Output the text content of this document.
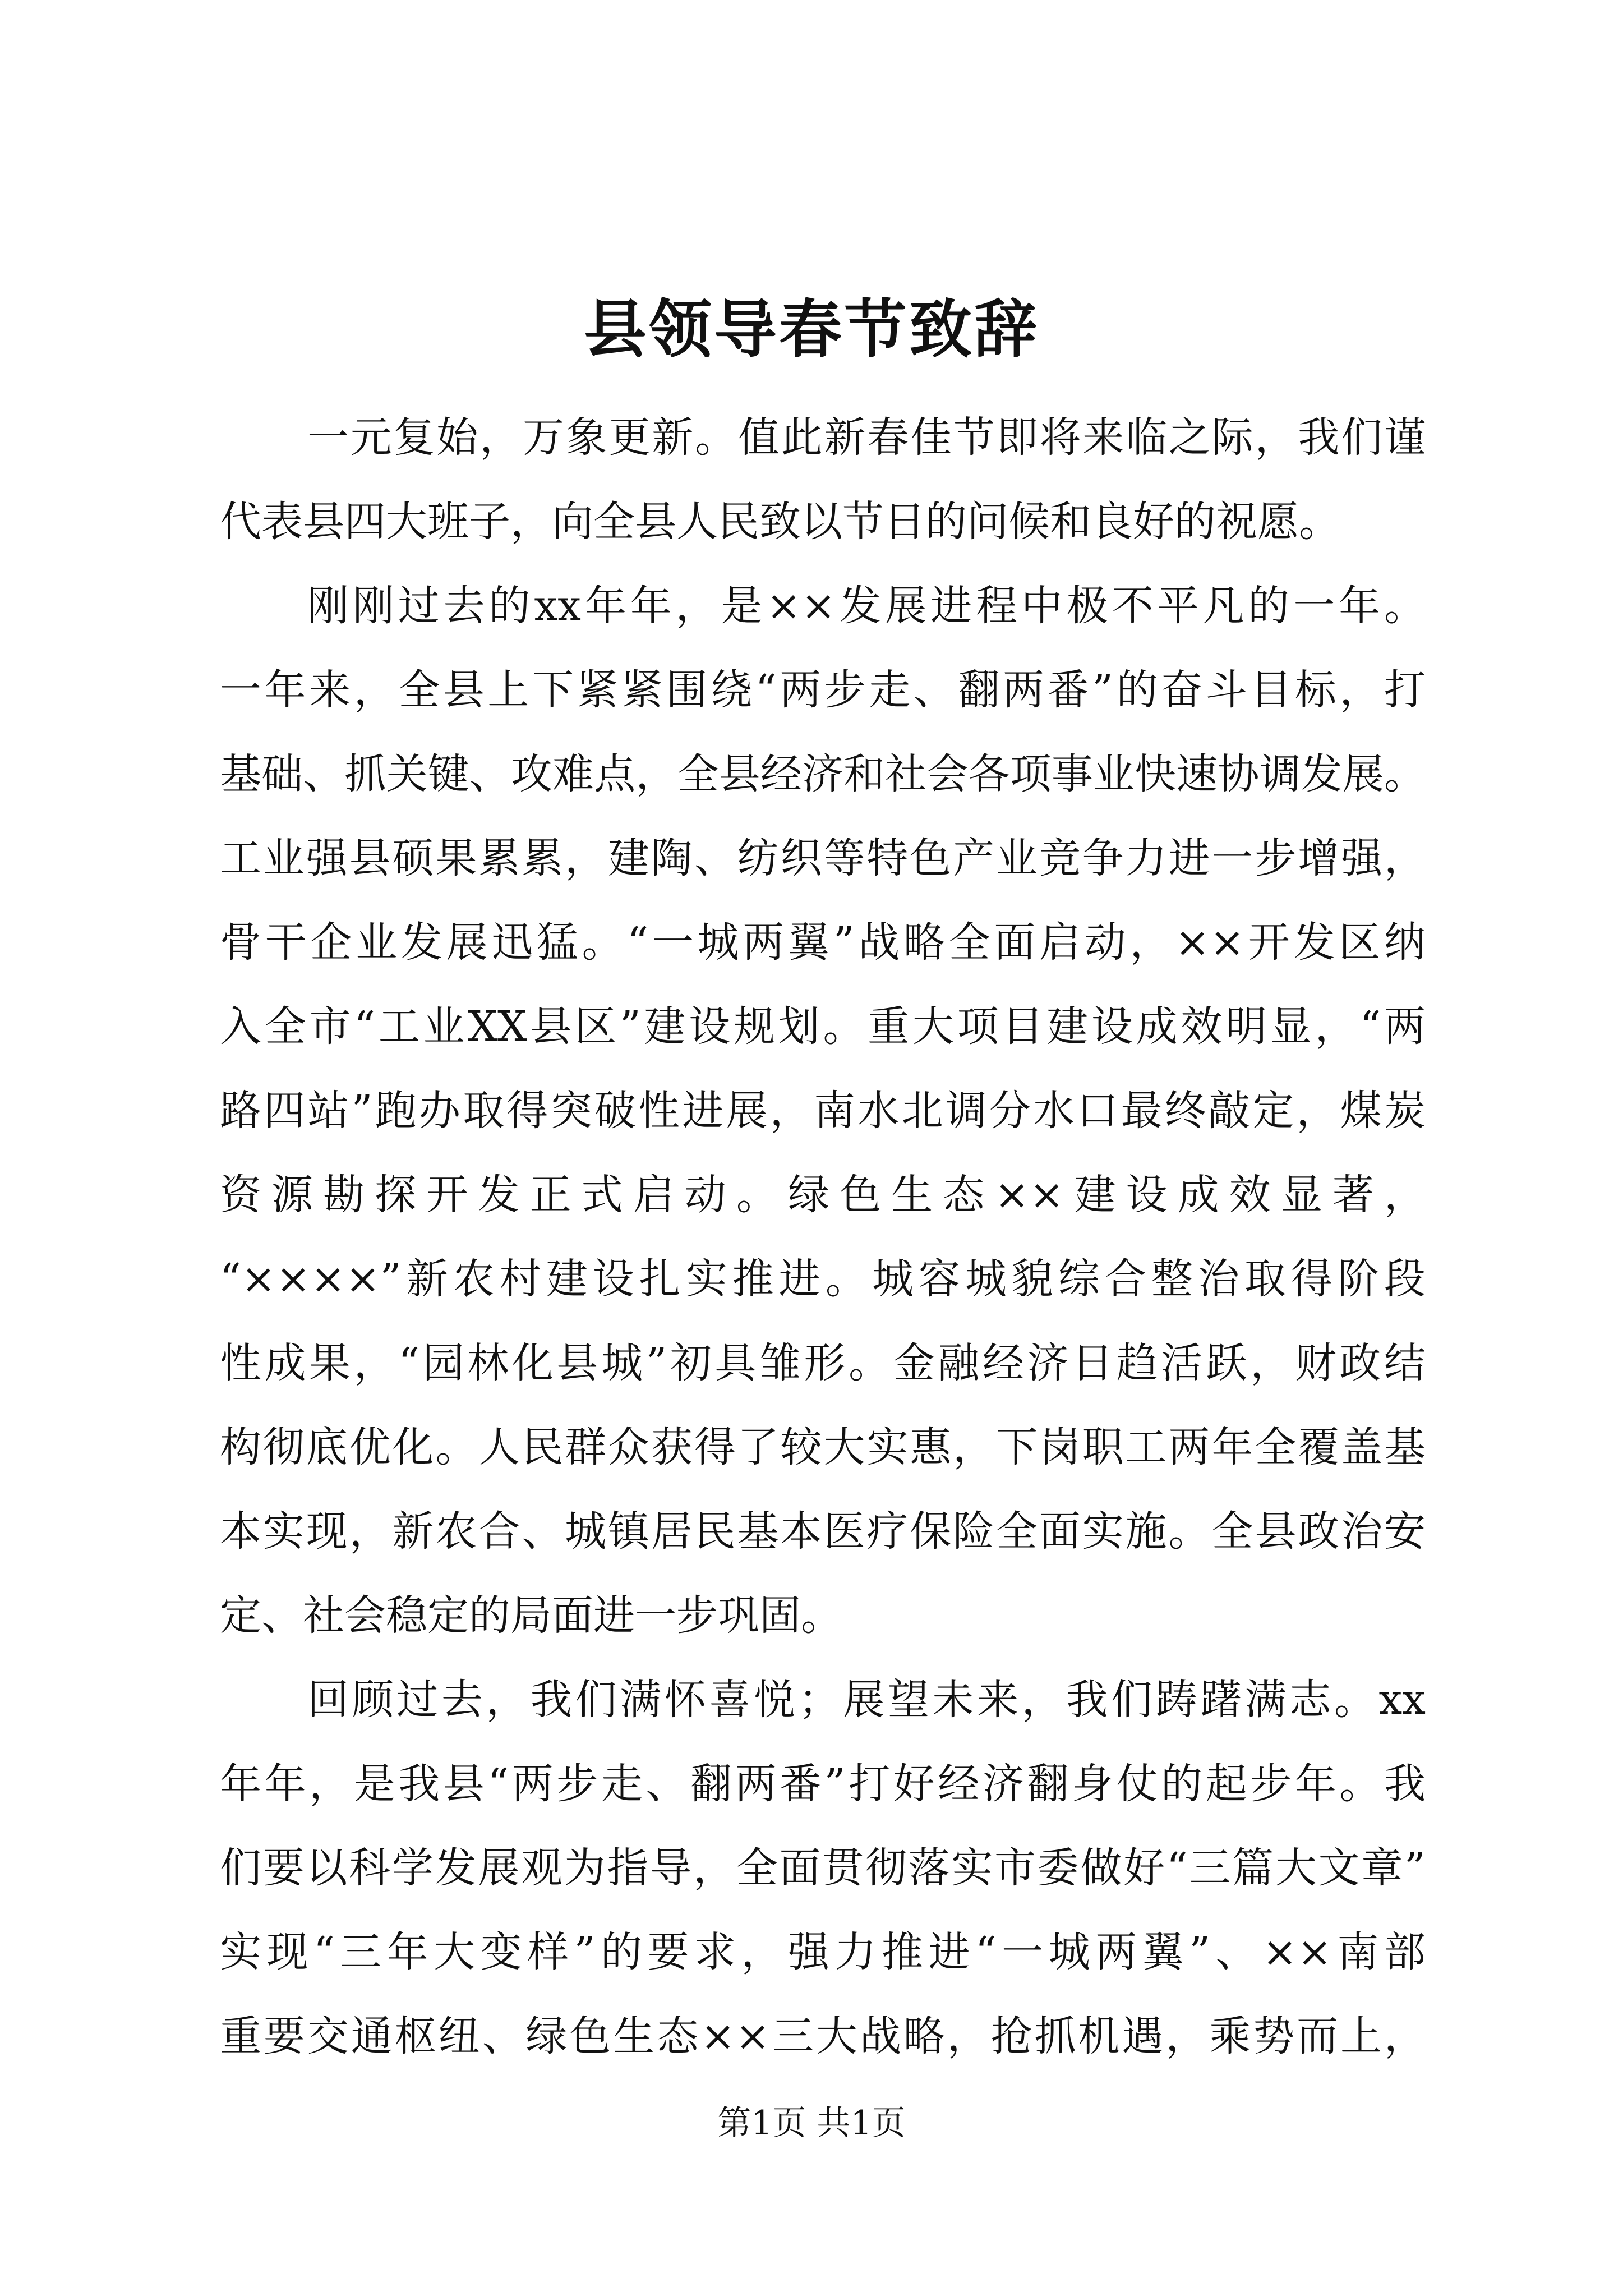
县领导春节致辞

一元复始，万象更新。值此新春佳节即将来临之际，我们谨

代表县四大班子，向全县人民致以节日的问候和良好的祝愿。

刚刚过去的xx年年，是××发展进程中极不平凡的一年。

一年来，全县上下紧紧围绕“两步走、翻两番”的奋斗目标，打

基础、抓关键、攻难点，全县经济和社会各项事业快速协调发展。

工业强县硕果累累，建陶、纺织等特色产业竞争力进一步增强，

骨干企业发展迅猛。“一城两翼”战略全面启动，××开发区纳

入全市“工业XX县区”建设规划。重大项目建设成效明显，“两

路四站”跑办取得突破性进展，南水北调分水口最终敲定，煤炭

资源勘探开发正式启动。绿色生态××建设成效显著，

“××××”新农村建设扎实推进。城容城貌综合整治取得阶段

性成果，“园林化县城”初具雏形。金融经济日趋活跃，财政结

构彻底优化。人民群众获得了较大实惠，下岗职工两年全覆盖基

本实现，新农合、城镇居民基本医疗保险全面实施。全县政治安

定、社会稳定的局面进一步巩固。

回顾过去，我们满怀喜悦；展望未来，我们踌躇满志。xx

年年，是我县“两步走、翻两番”打好经济翻身仗的起步年。我

们要以科学发展观为指导，全面贯彻落实市委做好“三篇大文章”

实现“三年大变样”的要求，强力推进“一城两翼”、××南部

重要交通枢纽、绿色生态××三大战略，抢抓机遇，乘势而上，

第1页 共1页
